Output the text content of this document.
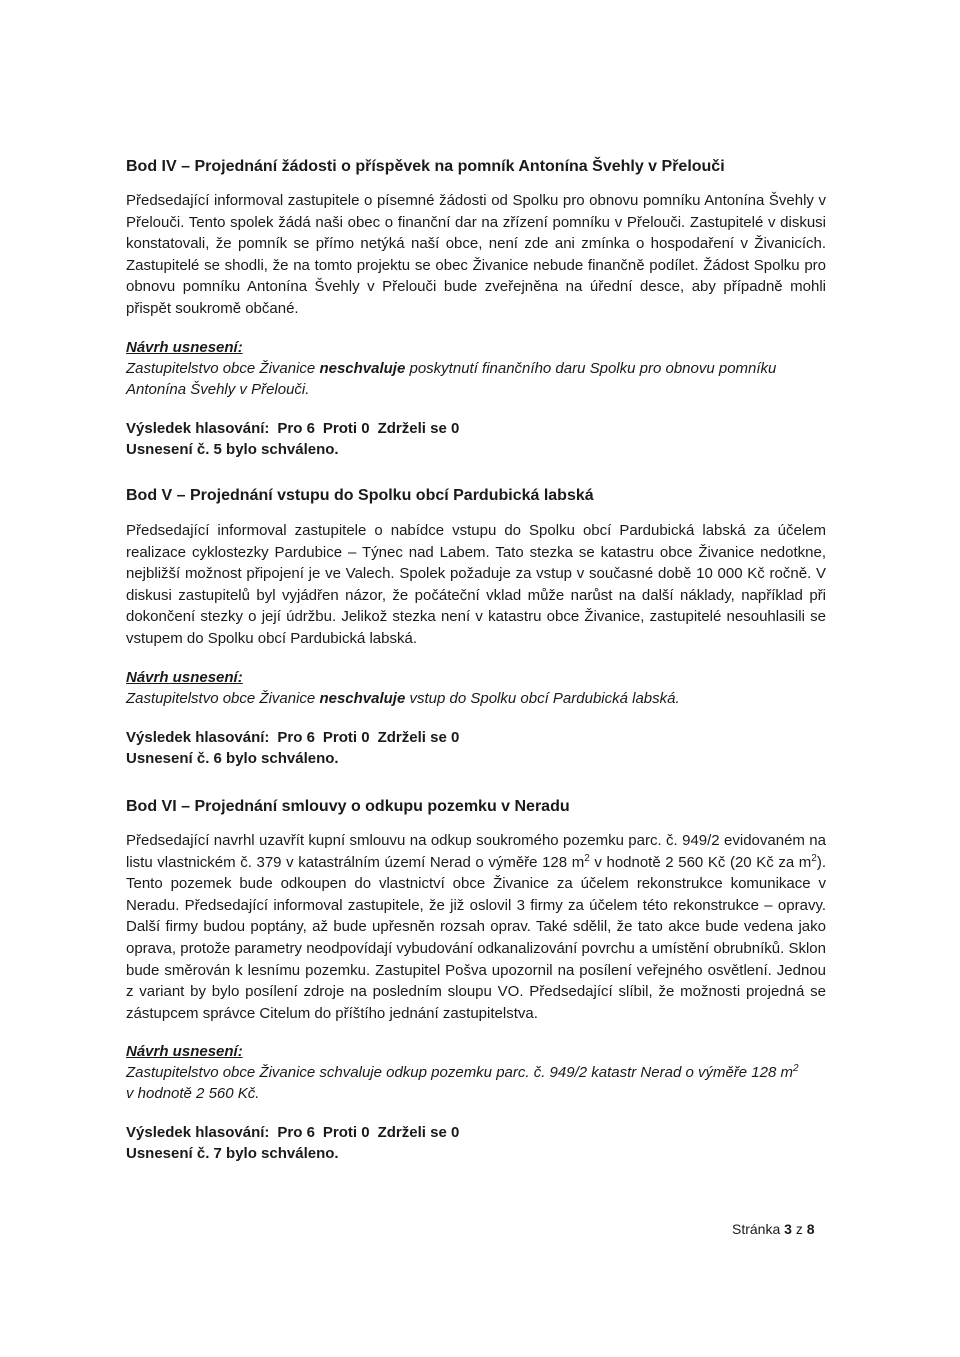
Bod IV – Projednání žádosti o příspěvek na pomník Antonína Švehly v Přelouči

Předsedající informoval zastupitele o písemné žádosti od Spolku pro obnovu pomníku Antonína Švehly v Přelouči. Tento spolek žádá naši obec o finanční dar na zřízení pomníku v Přelouči. Zastupitelé v diskusi konstatovali, že pomník se přímo netýká naší obce, není zde ani zmínka o hospodaření v Živanicích. Zastupitelé se shodli, že na tomto projektu se obec Živanice nebude finančně podílet. Žádost Spolku pro obnovu pomníku Antonína Švehly v Přelouči bude zveřejněna na úřední desce, aby případně mohli přispět soukromě občané.

Návrh usnesení:

Zastupitelstvo obce Živanice neschvaluje poskytnutí finančního daru Spolku pro obnovu pomníku Antonína Švehly v Přelouči.

Výsledek hlasování: Pro 6 Proti 0 Zdrželi se 0

Usnesení č. 5 bylo schváleno.

Bod V – Projednání vstupu do Spolku obcí Pardubická labská

Předsedající informoval zastupitele o nabídce vstupu do Spolku obcí Pardubická labská za účelem realizace cyklostezky Pardubice – Týnec nad Labem. Tato stezka se katastru obce Živanice nedotkne, nejbližší možnost připojení je ve Valech. Spolek požaduje za vstup v současné době 10 000 Kč ročně. V diskusi zastupitelů byl vyjádřen názor, že počáteční vklad může narůst na další náklady, například při dokončení stezky o její údržbu. Jelikož stezka není v katastru obce Živanice, zastupitelé nesouhlasili se vstupem do Spolku obcí Pardubická labská.

Návrh usnesení:

Zastupitelstvo obce Živanice neschvaluje vstup do Spolku obcí Pardubická labská.

Výsledek hlasování: Pro 6 Proti 0 Zdrželi se 0

Usnesení č. 6 bylo schváleno.

Bod VI – Projednání smlouvy o odkupu pozemku v Neradu

Předsedající navrhl uzavřít kupní smlouvu na odkup soukromého pozemku parc. č. 949/2 evidovaném na listu vlastnickém č. 379 v katastrálním území Nerad o výměře 128 $m^2$ v hodnotě 2 560 Kč (20 Kč za $m^2$). Tento pozemek bude odkoupen do vlastnictví obce Živanice za účelem rekonstrukce komunikace v Neradu. Předsedající informoval zastupitele, že již oslovil 3 firmy za účelem této rekonstrukce – opravy. Další firmy budou poptány, až bude upřesněn rozsah oprav. Také sdělil, že tato akce bude vedena jako oprava, protože parametry neodpovídají vybudování odkanalizování povrchu a umístění obrubníků. Sklon bude směrován k lesnímu pozemku. Zastupitel Pošva upozornil na posílení veřejného osvětlení. Jednou z variant by bylo posílení zdroje na posledním sloupu VO. Předsedající slíbil, že možnosti projedná se zástupcem správce Citelum do příštího jednání zastupitelstva.

Návrh usnesení:

Zastupitelstvo obce Živanice schvaluje odkup pozemku parc. č. 949/2 katastr Nerad o výměře 128 $m^2$
v hodnotě 2 560 Kč.

Výsledek hlasování: Pro 6 Proti 0 Zdrželi se 0

Usnesení č. 7 bylo schváleno.

Stránka 3 z 8
